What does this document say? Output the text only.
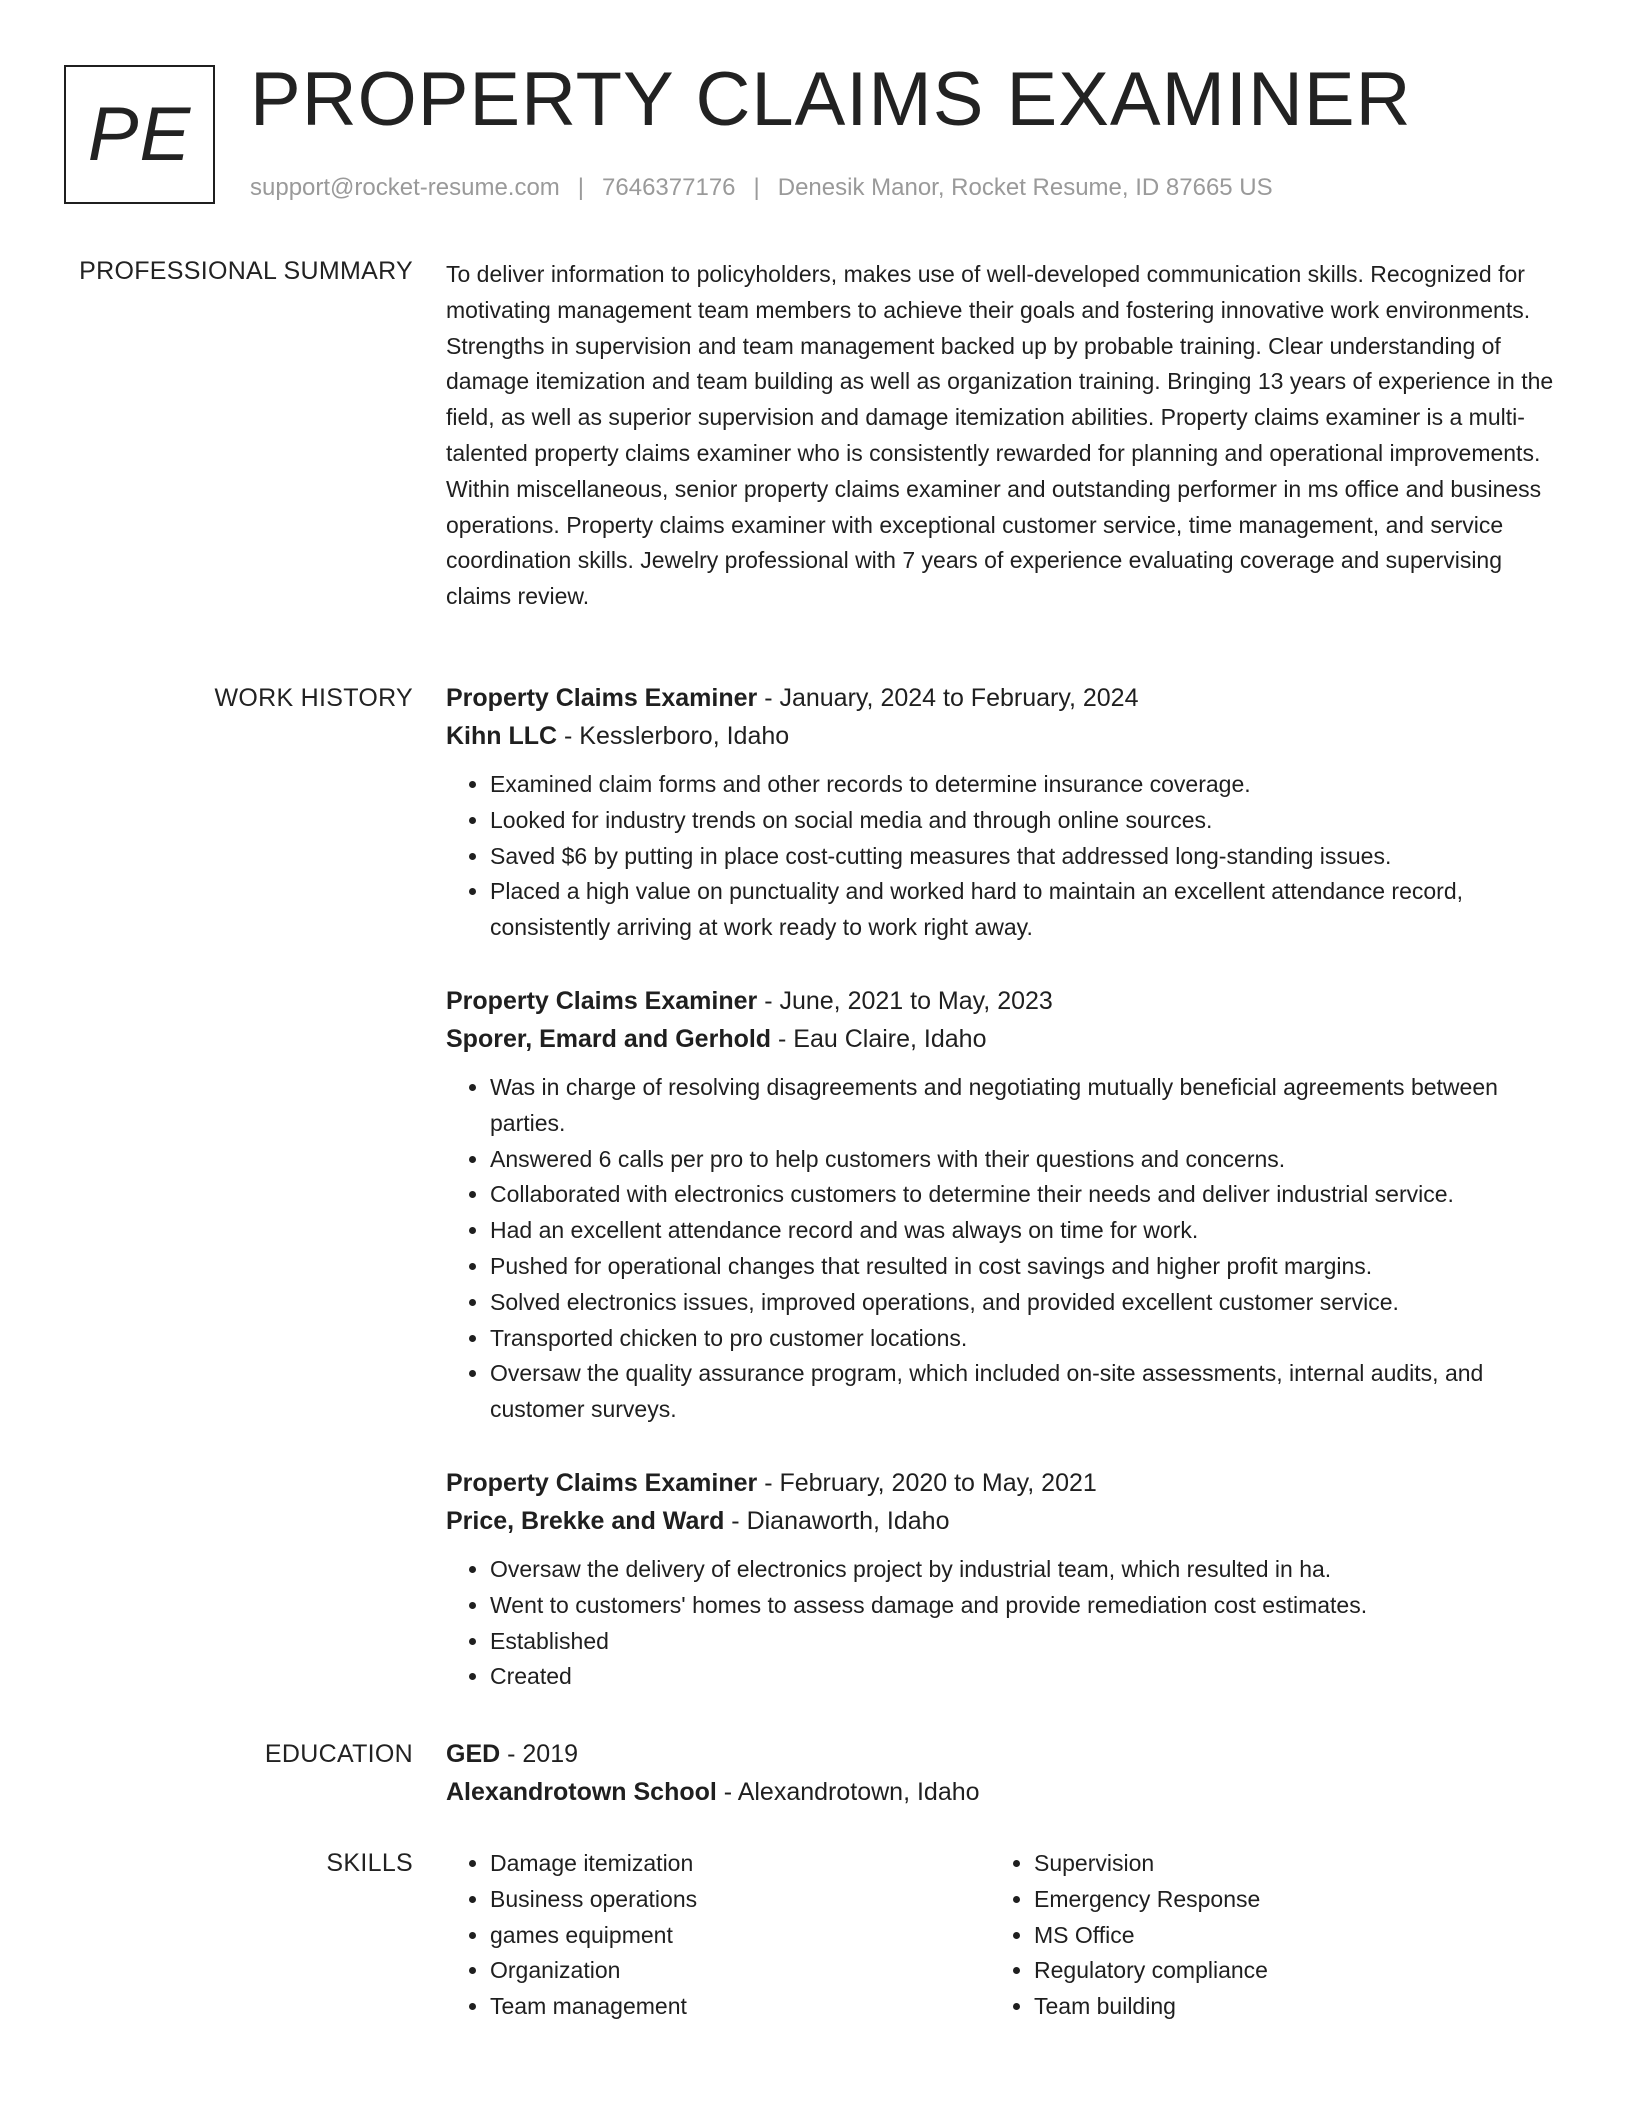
PE PROPERTY CLAIMS EXAMINER
support@rocket-resume.com | 7646377176 | Denesik Manor, Rocket Resume, ID 87665 US
PROFESSIONAL SUMMARY To deliver information to policyholders, makes use of well-developed communication skills. Recognized for motivating management team members to achieve their goals and fostering innovative work environments. Strengths in supervision and team management backed up by probable training. Clear understanding of damage itemization and team building as well as organization training. Bringing 13 years of experience in the field, as well as superior supervision and damage itemization abilities. Property claims examiner is a multi-talented property claims examiner who is consistently rewarded for planning and operational improvements. Within miscellaneous, senior property claims examiner and outstanding performer in ms office and business operations. Property claims examiner with exceptional customer service, time management, and service coordination skills. Jewelry professional with 7 years of experience evaluating coverage and supervising claims review.

WORK HISTORY Property Claims Examiner - January, 2024 to February, 2024
Kihn LLC - Kesslerboro, Idaho
• Examined claim forms and other records to determine insurance coverage.
• Looked for industry trends on social media and through online sources.
• Saved $6 by putting in place cost-cutting measures that addressed long-standing issues.
• Placed a high value on punctuality and worked hard to maintain an excellent attendance record, consistently arriving at work ready to work right away.
Property Claims Examiner - June, 2021 to May, 2023
Sporer, Emard and Gerhold - Eau Claire, Idaho
• Was in charge of resolving disagreements and negotiating mutually beneficial agreements between parties.
• Answered 6 calls per pro to help customers with their questions and concerns.
• Collaborated with electronics customers to determine their needs and deliver industrial service.
• Had an excellent attendance record and was always on time for work.
• Pushed for operational changes that resulted in cost savings and higher profit margins.
• Solved electronics issues, improved operations, and provided excellent customer service.
• Transported chicken to pro customer locations.
• Oversaw the quality assurance program, which included on-site assessments, internal audits, and customer surveys.
Property Claims Examiner - February, 2020 to May, 2021
Price, Brekke and Ward - Dianaworth, Idaho
• Oversaw the delivery of electronics project by industrial team, which resulted in ha.
• Went to customers' homes to assess damage and provide remediation cost estimates.
• Established
• Created
EDUCATION GED - 2019
Alexandrotown School - Alexandrotown, Idaho
SKILLS
•	Damage itemization
• Business operations
• games equipment
• Organization
• Team management
• Supervision
• Emergency Response
• MS Office
• Regulatory compliance
• Team building
